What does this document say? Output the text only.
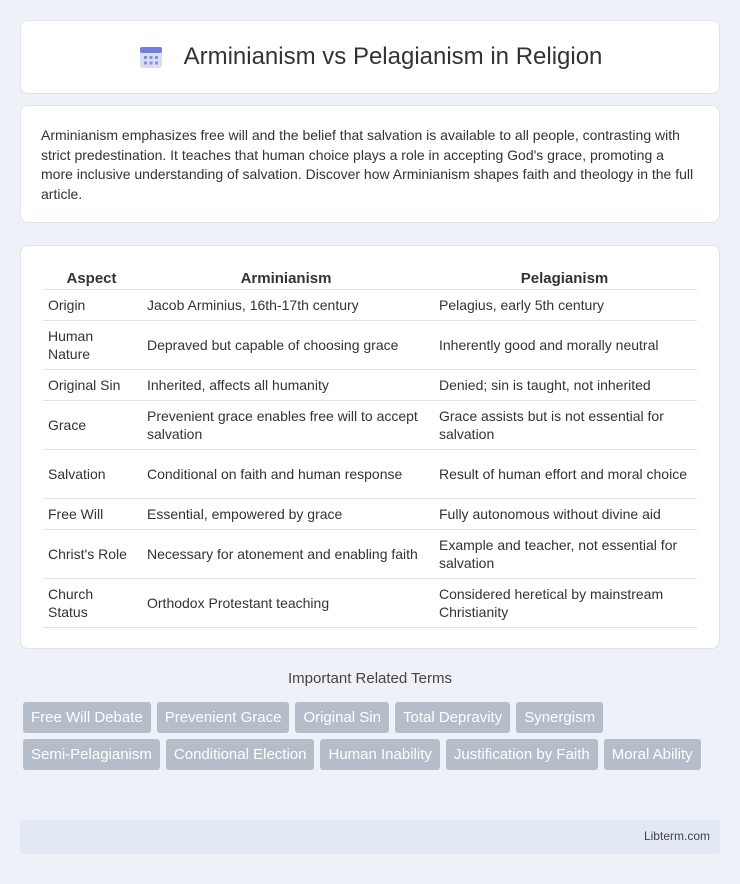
Arminianism vs Pelagianism in Religion

Arminianism emphasizes free will and the belief that salvation is available to all people, contrasting with strict predestination. It teaches that human choice plays a role in accepting God's grace, promoting a more inclusive understanding of salvation. Discover how Arminianism shapes faith and theology in the full article.

Aspect	Arminianism	Pelagianism
Origin	Jacob Arminius, 16th-17th century	Pelagius, early 5th century
Human Nature	Depraved but capable of choosing grace	Inherently good and morally neutral
Original Sin	Inherited, affects all humanity	Denied; sin is taught, not inherited
Grace	Prevenient grace enables free will to accept salvation	Grace assists but is not essential for salvation
Salvation	Conditional on faith and human response	Result of human effort and moral choice
Free Will	Essential, empowered by grace	Fully autonomous without divine aid
Christ's Role	Necessary for atonement and enabling faith	Example and teacher, not essential for salvation
Church Status	Orthodox Protestant teaching	Considered heretical by mainstream Christianity
Important Related Terms
Free Will Debate	Prevenient Grace	Original Sin	Total Depravity	Synergism
Semi-Pelagianism	Conditional Election	Human Inability	Justification by Faith	Moral Ability
Libterm.com
